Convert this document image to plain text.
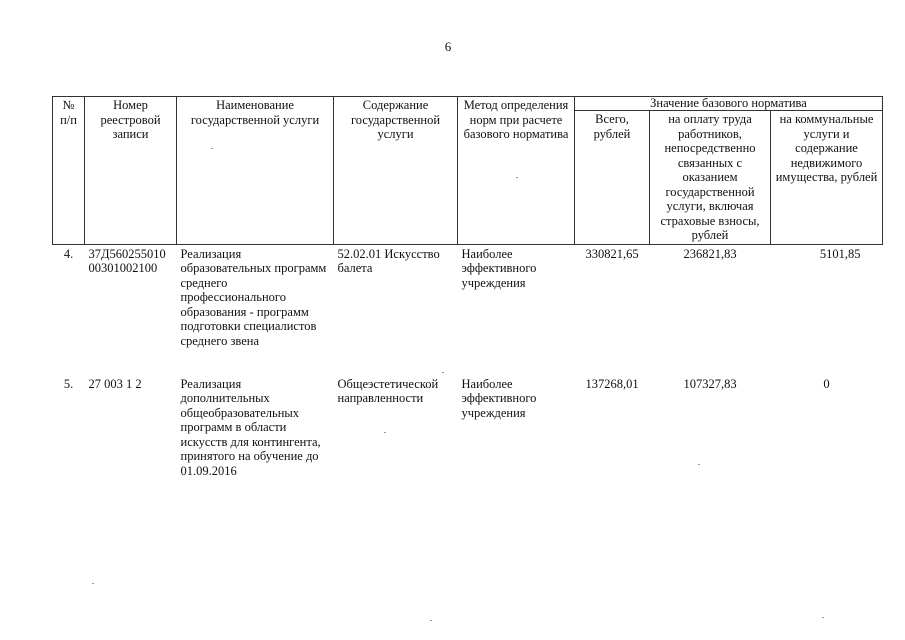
6
№ п/п	Номер реестровой записи	Наименование государственной услуги	Содержание государственной услуги	Метод определения норм при расчете базового норматива	Значение базового норматива		
					Всего, рублей	на оплату труда работников, непосредственно связанных с оказанием государственной услуги, включая страховые взносы, рублей	на коммунальные услуги и содержание недвижимого имущества, рублей
4.	37Д560255010 00301002100	Реализация образовательных программ среднего профессионального образования - программ подготовки специалистов среднего звена	52.02.01 Искусство балета	Наиболее эффективного учреждения	330821,65	236821,83	5101,85
5.	27 003 1 2	Реализация дополнительных общеобразовательных программ в области искусств для контингента, принятого на обучение до 01.09.2016	Общеэстетической направленности	Наиболее эффективного учреждения	137268,01	107327,83	0
